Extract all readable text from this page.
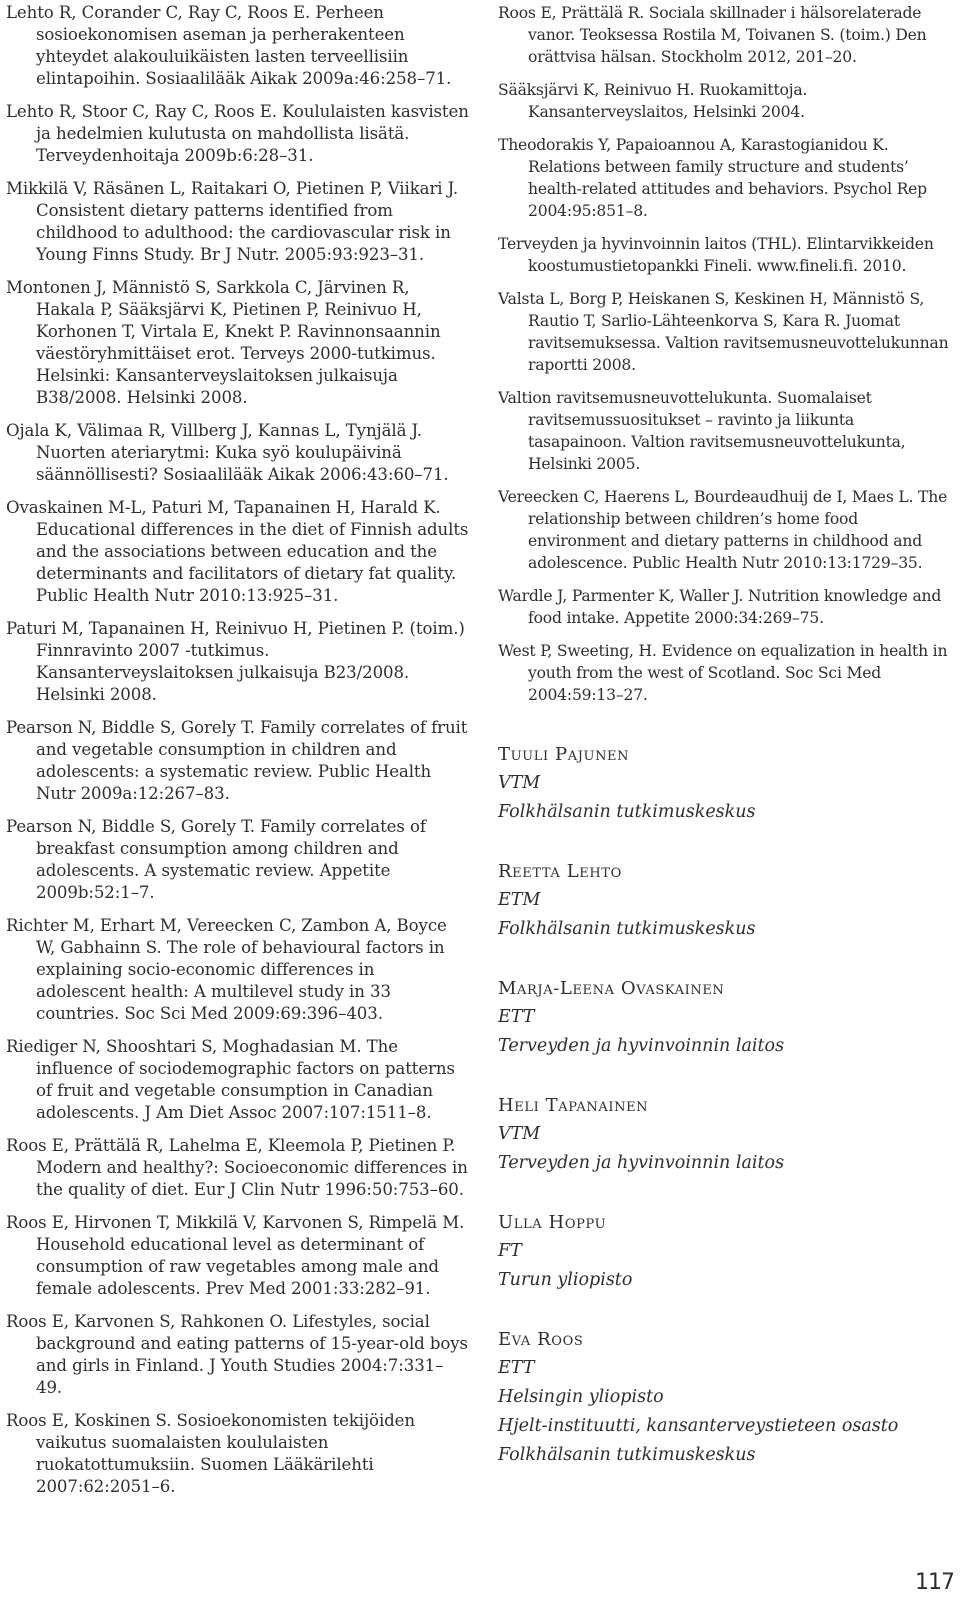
Lehto R, Corander C, Ray C, Roos E. Perheen sosioekonomisen aseman ja perherakenteen yhteydet alakouluikäisten lasten terveellisiin elintapoihin. Sosiaalilääk Aikak 2009a:46:258–71.

Lehto R, Stoor C, Ray C, Roos E. Koululaisten kasvisten ja hedelmien kulutusta on mahdollista lisätä. Terveydenhoitaja 2009b:6:28–31.

Mikkilä V, Räsänen L, Raitakari O, Pietinen P, Viikari J. Consistent dietary patterns identified from childhood to adulthood: the cardiovascular risk in Young Finns Study. Br J Nutr. 2005:93:923–31.

Montonen J, Männistö S, Sarkkola C, Järvinen R, Hakala P, Sääksjärvi K, Pietinen P, Reinivuo H, Korhonen T, Virtala E, Knekt P. Ravinnonsaannin väestöryhmittäiset erot. Terveys 2000-tutkimus. Helsinki: Kansanterveyslaitoksen julkaisuja B38/2008. Helsinki 2008.

Ojala K, Välimaa R, Villberg J, Kannas L, Tynjälä J. Nuorten ateriarytmi: Kuka syö koulupäivinä säännöllisesti? Sosiaalilääk Aikak 2006:43:60–71.

Ovaskainen M-L, Paturi M, Tapanainen H, Harald K. Educational differences in the diet of Finnish adults and the associations between education and the determinants and facilitators of dietary fat quality. Public Health Nutr 2010:13:925–31.

Paturi M, Tapanainen H, Reinivuo H, Pietinen P. (toim.) Finnravinto 2007 -tutkimus. Kansanterveyslaitoksen julkaisuja B23/2008. Helsinki 2008.

Pearson N, Biddle S, Gorely T. Family correlates of fruit and vegetable consumption in children and adolescents: a systematic review. Public Health Nutr 2009a:12:267–83.

Pearson N, Biddle S, Gorely T. Family correlates of breakfast consumption among children and adolescents. A systematic review. Appetite 2009b:52:1–7.

Richter M, Erhart M, Vereecken C, Zambon A, Boyce W, Gabhainn S. The role of behavioural factors in explaining socio-economic differences in adolescent health: A multilevel study in 33 countries. Soc Sci Med 2009:69:396–403.

Riediger N, Shooshtari S, Moghadasian M. The influence of sociodemographic factors on patterns of fruit and vegetable consumption in Canadian adolescents. J Am Diet Assoc 2007:107:1511–8.

Roos E, Prättälä R, Lahelma E, Kleemola P, Pietinen P. Modern and healthy?: Socioeconomic differences in the quality of diet. Eur J Clin Nutr 1996:50:753–60.

Roos E, Hirvonen T, Mikkilä V, Karvonen S, Rimpelä M. Household educational level as determinant of consumption of raw vegetables among male and female adolescents. Prev Med 2001:33:282–91.

Roos E, Karvonen S, Rahkonen O. Lifestyles, social background and eating patterns of 15-year-old boys and girls in Finland. J Youth Studies 2004:7:331–49.

Roos E, Koskinen S. Sosioekonomisten tekijöiden vaikutus suomalaisten koululaisten ruokatottumuksiin. Suomen Lääkärilehti 2007:62:2051–6.

Roos E, Prättälä R. Sociala skillnader i hälsorelaterade vanor. Teoksessa Rostila M, Toivanen S. (toim.) Den orättvisa hälsan. Stockholm 2012, 201–20.

Sääksjärvi K, Reinivuo H. Ruokamittoja. Kansanterveyslaitos, Helsinki 2004.

Theodorakis Y, Papaioannou A, Karastogianidou K. Relations between family structure and students’ health-related attitudes and behaviors. Psychol Rep 2004:95:851–8.

Terveyden ja hyvinvoinnin laitos (THL). Elintarvikkeiden koostumustietopankki Fineli. www.fineli.fi. 2010.

Valsta L, Borg P, Heiskanen S, Keskinen H, Männistö S, Rautio T, Sarlio-Lähteenkorva S, Kara R. Juomat ravitsemuksessa. Valtion ravitsemusneuvottelukunnan raportti 2008.

Valtion ravitsemusneuvottelukunta. Suomalaiset ravitsemussuositukset – ravinto ja liikunta tasapainoon. Valtion ravitsemusneuvottelukunta, Helsinki 2005.

Vereecken C, Haerens L, Bourdeaudhuij de I, Maes L. The relationship between children’s home food environment and dietary patterns in childhood and adolescence. Public Health Nutr 2010:13:1729–35.

Wardle J, Parmenter K, Waller J. Nutrition knowledge and food intake. Appetite 2000:34:269–75.

West P, Sweeting, H. Evidence on equalization in health in youth from the west of Scotland. Soc Sci Med 2004:59:13–27.

Tuuli Pajunen

VTM

Folkhälsanin tutkimuskeskus

Reetta Lehto

ETM

Folkhälsanin tutkimuskeskus

Marja-Leena Ovaskainen

ETT

Terveyden ja hyvinvoinnin laitos

Heli Tapanainen

VTM

Terveyden ja hyvinvoinnin laitos

Ulla Hoppu

FT

Turun yliopisto

Eva Roos

ETT

Helsingin yliopisto

Hjelt-instituutti, kansanterveystieteen osasto

Folkhälsanin tutkimuskeskus

117
